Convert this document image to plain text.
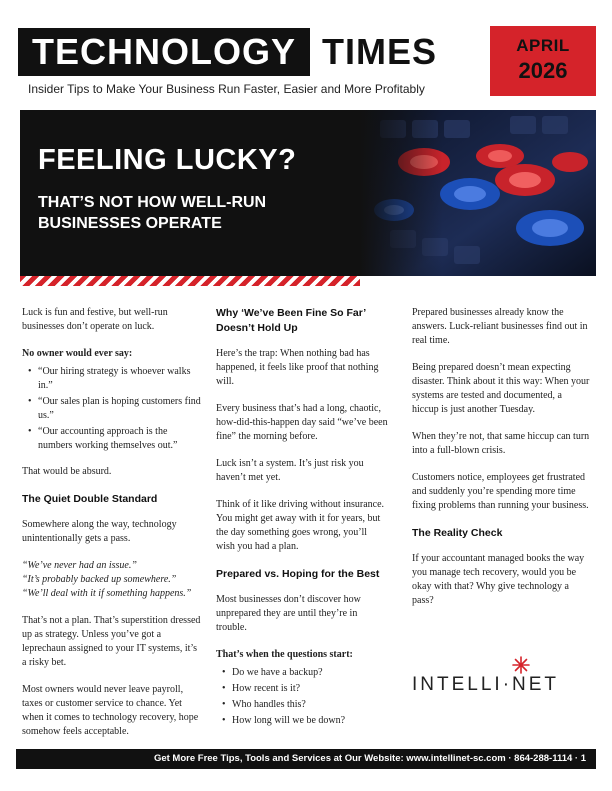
TECHNOLOGY TIMES	APRIL
2026
Insider Tips to Make Your Business Run Faster, Easier and More Profitably
FEELING LUCKY?
THAT’S NOT HOW WELL-RUN BUSINESSES OPERATE

Luck is fun and festive, but well-run businesses don’t operate on luck.

No owner would ever say:

• “Our hiring strategy is whoever walks in.”
• “Our sales plan is hoping customers find us.”
• “Our accounting approach is the numbers working themselves out.”

That would be absurd.

The Quiet Double Standard

Somewhere along the way, technology unintentionally gets a pass.

“We’ve never had an issue.”
“It’s probably backed up somewhere.”
“We’ll deal with it if something happens.”

That’s not a plan. That’s superstition dressed up as strategy. Unless you’ve got a leprechaun assigned to your IT systems, it’s a risky bet.

Most owners would never leave payroll, taxes or customer service to chance. Yet when it comes to technology recovery, hope somehow feels acceptable.

Why ‘We’ve Been Fine So Far’ Doesn’t Hold Up

Here’s the trap: When nothing bad has happened, it feels like proof that nothing will.

Every business that’s had a long, chaotic, how-did-this-happen day said “we’ve been fine” the morning before.

Luck isn’t a system. It’s just risk you haven’t met yet.

Think of it like driving without insurance. You might get away with it for years, but the day something goes wrong, you’ll wish you had a plan.

Prepared vs. Hoping for the Best

Most businesses don’t discover how unprepared they are until they’re in trouble.

That’s when the questions start:

• Do we have a backup?
• How recent is it?
• Who handles this?
• How long will we be down?

Prepared businesses already know the answers. Luck-reliant businesses find out in real time.

Being prepared doesn’t mean expecting disaster. Think about it this way: When your systems are tested and documented, a hiccup is just another Tuesday.

When they’re not, that same hiccup can turn into a full-blown crisis.

Customers notice, employees get frustrated and suddenly you’re spending more time fixing problems than running your business.

The Reality Check

If your accountant managed books the way you manage tech recovery, would you be okay with that? Why give technology a pass?

INTELLI·NET
Get More Free Tips, Tools and Services at Our Website: www.intellinet-sc.com · 864-288-1114 · 1
